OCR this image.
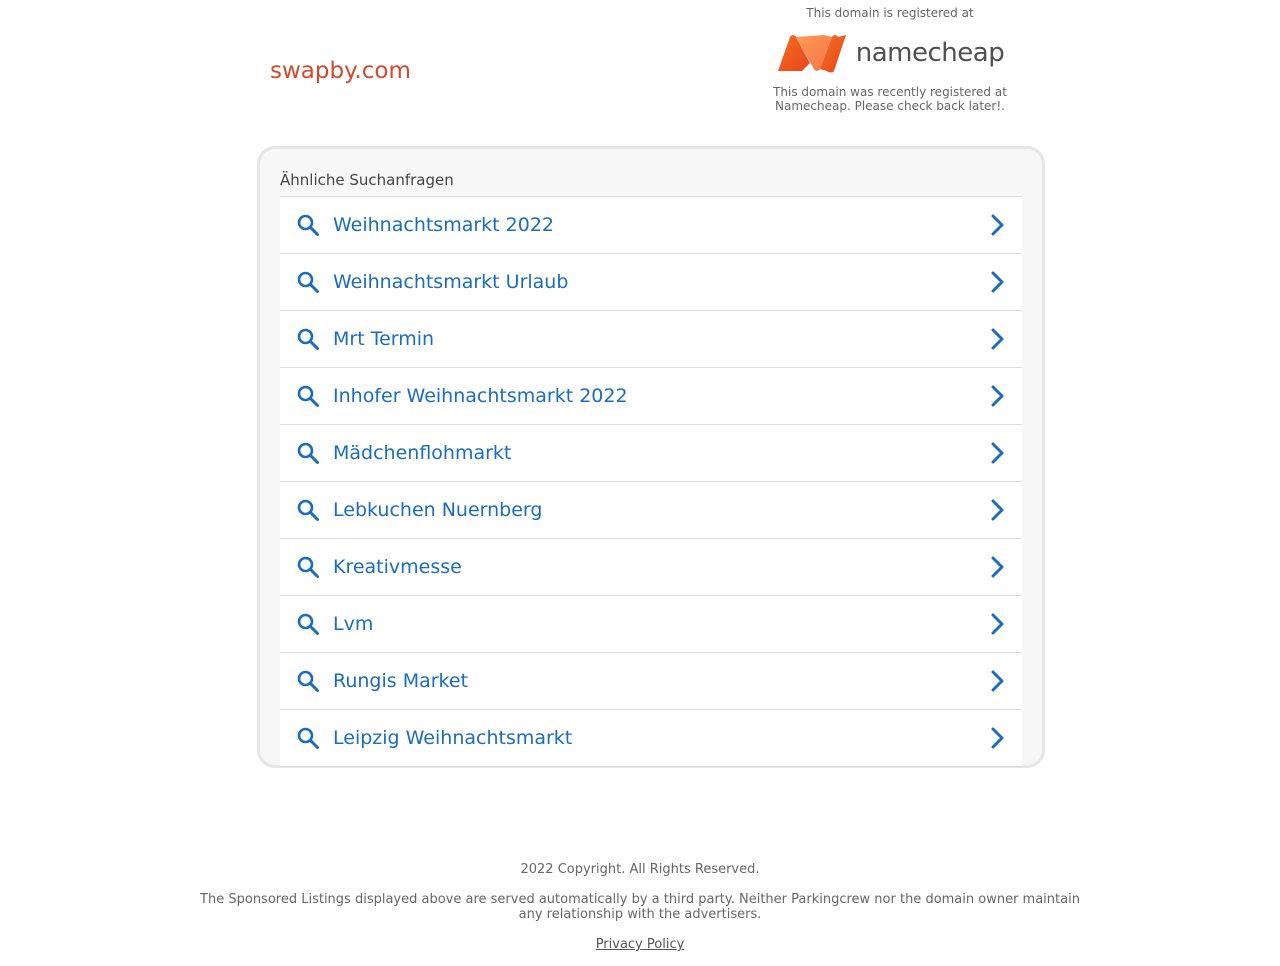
swapby.com
This domain is registered at
namecheap
This domain was recently registered at Namecheap. Please check back later!.
Ähnliche Suchanfragen
Weihnachtsmarkt 2022
Weihnachtsmarkt Urlaub
Mrt Termin
Inhofer Weihnachtsmarkt 2022
Mädchenflohmarkt
Lebkuchen Nuernberg
Kreativmesse
Lvm
Rungis Market
Leipzig Weihnachtsmarkt
2022 Copyright. All Rights Reserved.
The Sponsored Listings displayed above are served automatically by a third party. Neither Parkingcrew nor the domain owner maintain any relationship with the advertisers.
Privacy Policy
